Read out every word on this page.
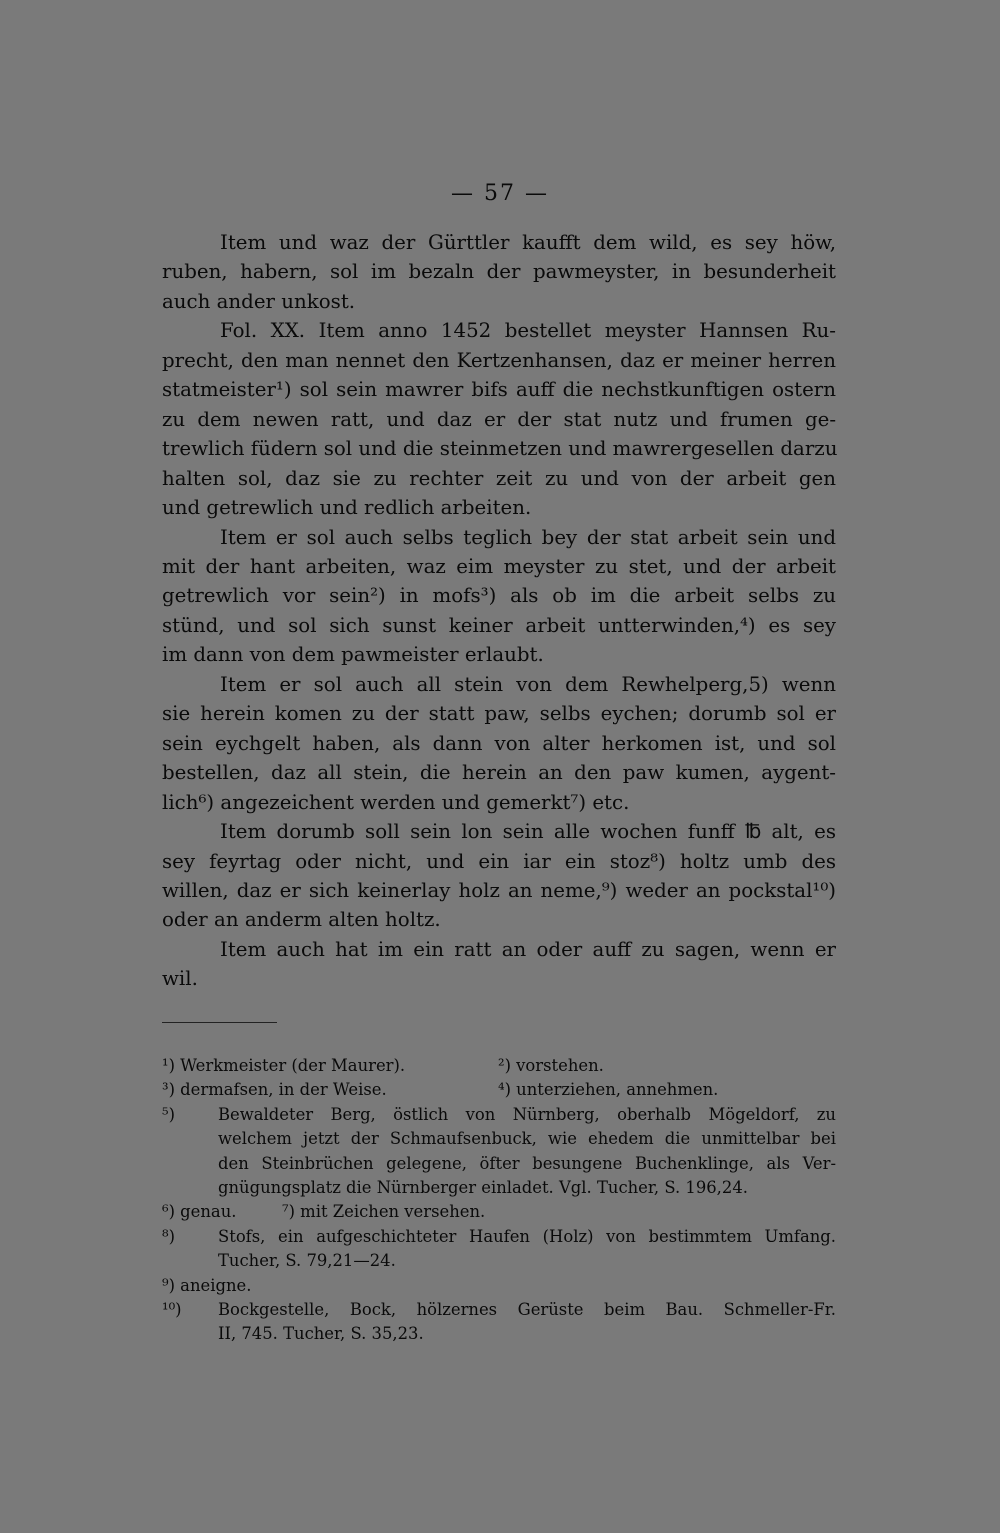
— 57 —

Item und waz der Gürttler kaufft dem wild, es sey höw,
ruben, habern, sol im bezaln der pawmeyster, in besunderheit
auch ander unkost.

Fol. XX. Item anno 1452 bestellet meyster Hannsen Ru-
precht, den man nennet den Kertzenhansen, daz er meiner herren
statmeister¹) sol sein mawrer bifs auff die nechstkunftigen ostern
zu dem newen ratt, und daz er der stat nutz und frumen ge-
trewlich füdern sol und die steinmetzen und mawrergesellen darzu
halten sol, daz sie zu rechter zeit zu und von der arbeit gen
und getrewlich und redlich arbeiten.

Item er sol auch selbs teglich bey der stat arbeit sein und
mit der hant arbeiten, waz eim meyster zu stet, und der arbeit
getrewlich vor sein²) in mofs³) als ob im die arbeit selbs zu
stünd, und sol sich sunst keiner arbeit untterwinden,⁴) es sey
im dann von dem pawmeister erlaubt.

Item er sol auch all stein von dem Rewhelperg,5) wenn
sie herein komen zu der statt paw, selbs eychen; dorumb sol er
sein eychgelt haben, als dann von alter herkomen ist, und sol
bestellen, daz all stein, die herein an den paw kumen, aygent-
lich⁶) angezeichent werden und gemerkt⁷) etc.

Item dorumb soll sein lon sein alle wochen funff ℔ alt, es
sey feyrtag oder nicht, und ein iar ein stoz⁸) holtz umb des
willen, daz er sich keinerlay holz an neme,⁹) weder an pockstal¹⁰)
oder an anderm alten holtz.

Item auch hat im ein ratt an oder auff zu sagen, wenn er
wil.

¹) Werkmeister (der Maurer).	²) vorstehen.
³) dermafsen, in der Weise.	⁴) unterziehen, annehmen.
⁵)	Bewaldeter Berg, östlich von Nürnberg, oberhalb Mögeldorf, zu
welchem jetzt der Schmaufsenbuck, wie ehedem die unmittelbar bei
den Steinbrüchen gelegene, öfter besungene Buchenklinge, als Ver-
gnügungsplatz die Nürnberger einladet. Vgl. Tucher, S. 196,24.
⁶) genau.	⁷) mit Zeichen versehen.
⁸)	Stofs, ein aufgeschichteter Haufen (Holz) von bestimmtem Umfang.
Tucher, S. 79,21—24.
⁹) aneigne.
¹⁰) Bockgestelle, Bock, hölzernes Gerüste beim Bau. Schmeller-Fr.
II, 745. Tucher, S. 35,23.
